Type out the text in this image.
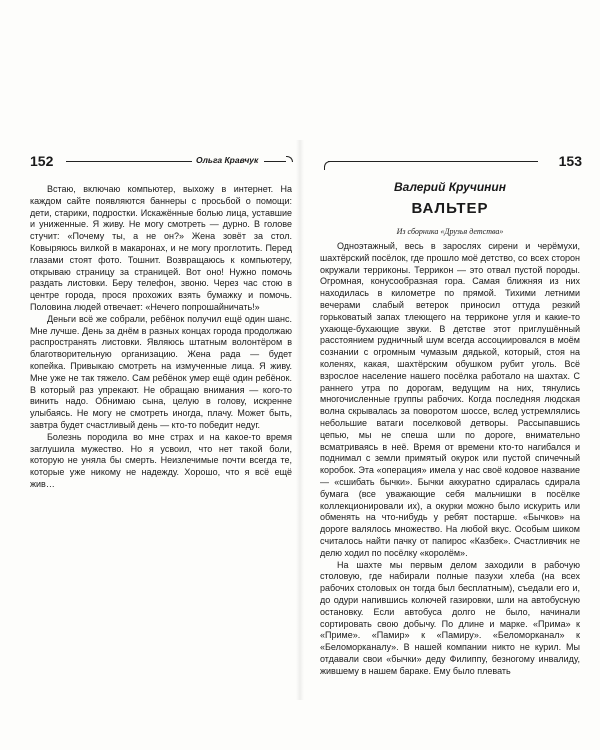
152	Ольга Кравчук

Встаю, включаю компьютер, выхожу в интернет. На каждом сайте появляются баннеры с просьбой о помощи: дети, старики, подростки. Искажённые болью лица, уставшие и униженные. Я живу. Не могу смотреть — дурно. В голове стучит: «Почему ты, а не он?» Жена зовёт за стол. Ковыряюсь вилкой в макаронах, и не могу проглотить. Перед глазами стоят фото. Тошнит. Возвращаюсь к компьютеру, открываю страницу за страницей. Вот оно! Нужно помочь раздать листовки. Беру телефон, звоню. Через час стою в центре города, прося прохожих взять бумажку и помочь. Половина людей отвечает: «Нечего попрошайничать!»

Деньги всё же собрали, ребёнок получил ещё один шанс. Мне лучше. День за днём в разных концах города продолжаю распространять листовки. Являюсь штатным волонтёром в благотворительную организацию. Жена рада — будет копейка. Привыкаю смотреть на измученные лица. Я живу. Мне уже не так тяжело. Сам ребёнок умер ещё один ребёнок. В который раз упрекают. Не обращаю внимания — кого-то винить надо. Обнимаю сына, целую в голову, искренне улыбаясь. Не могу не смотреть иногда, плачу. Может быть, завтра будет счастливый день — кто-то победит недуг.

Болезнь породила во мне страх и на какое-то время заглушила мужество. Но я усвоил, что нет такой боли, которую не уняла бы смерть. Неизлечимые почти всегда те, которые уже никому не надежду. Хорошо, что я всё ещё жив…

153
Валерий Кручинин
ВАЛЬТЕР
Из сборника «Друзья детства»

Одноэтажный, весь в зарослях сирени и черёмухи, шахтёрский посёлок, где прошло моё детство, со всех сторон окружали терриконы. Террикон — это отвал пустой породы. Огромная, конусообразная гора. Самая ближняя из них находилась в километре по прямой. Тихими летними вечерами слабый ветерок приносил оттуда резкий горьковатый запах тлеющего на терриконе угля и какие-то ухающе-бухающие звуки. В детстве этот приглушённый расстоянием рудничный шум всегда ассоциировался в моём сознании с огромным чумазым дядькой, который, стоя на коленях, какая, шахтёрским обушком рубит уголь. Всё взрослое население нашего посёлка работало на шахтах. С раннего утра по дорогам, ведущим на них, тянулись многочисленные группы рабочих. Когда последняя людская волна скрывалась за поворотом шоссе, вслед устремлялись небольшие ватаги поселковой детворы. Рассыпавшись цепью, мы не спеша шли по дороге, внимательно всматриваясь в неё. Время от времени кто-то нагибался и поднимал с земли примятый окурок или пустой спичечный коробок. Эта «операция» имела у нас своё кодовое название — «сшибать бычки». Бычки аккуратно сдиралась сдирала бумага (все уважающие себя мальчишки в посёлке коллекционировали их), а окурки можно было искурить или обменять на что-нибудь у ребят постарше. «Бычков» на дороге валялось множество. На любой вкус. Особым шиком считалось найти пачку от папирос «Казбек». Счастливчик не делю ходил по посёлку «королём».

На шахте мы первым делом заходили в рабочую столовую, где набирали полные пазухи хлеба (на всех рабочих столовых он тогда был бесплатным), съедали его и, до одури напившись колючей газировки, шли на автобусную остановку. Если автобуса долго не было, начинали сортировать свою добычу. По длине и марке. «Прима» к «Приме». «Памир» к «Памиру». «Беломорканал» к «Беломорканалу». В нашей компании никто не курил. Мы отдавали свои «бычки» деду Филиппу, безногому инвалиду, жившему в нашем бараке. Ему было плевать
